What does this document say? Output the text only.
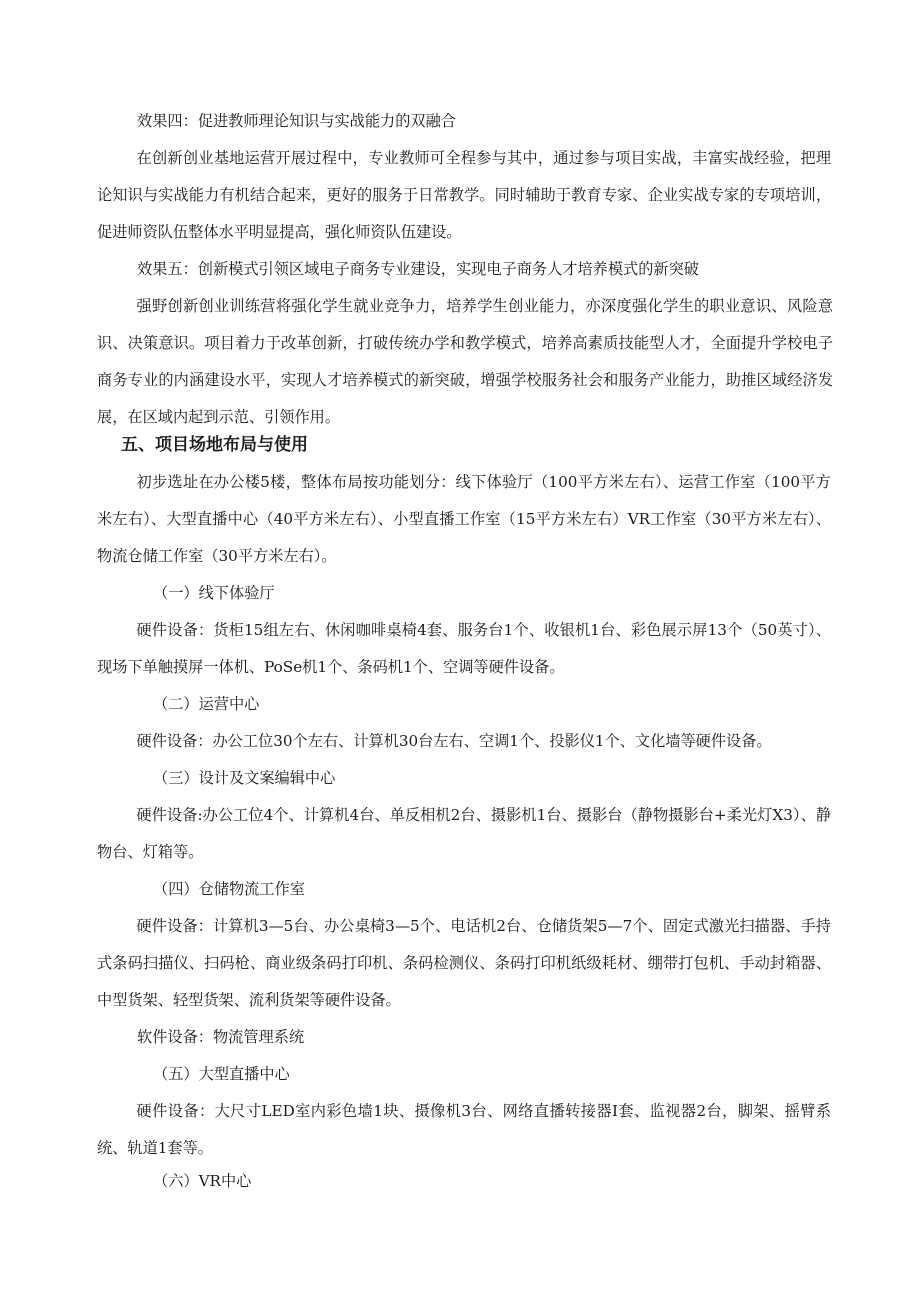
效果四：促进教师理论知识与实战能力的双融合

在创新创业基地运营开展过程中，专业教师可全程参与其中，通过参与项目实战，丰富实战经验，把理论知识与实战能力有机结合起来，更好的服务于日常教学。同时辅助于教育专家、企业实战专家的专项培训，促进师资队伍整体水平明显提高，强化师资队伍建设。

效果五：创新模式引领区域电子商务专业建设，实现电子商务人才培养模式的新突破

强野创新创业训练营将强化学生就业竞争力，培养学生创业能力，亦深度强化学生的职业意识、风险意识、决策意识。项目着力于改革创新，打破传统办学和教学模式，培养高素质技能型人才，全面提升学校电子商务专业的内涵建设水平，实现人才培养模式的新突破，增强学校服务社会和服务产业能力，助推区域经济发展，在区域内起到示范、引领作用。

五、项目场地布局与使用

初步选址在办公楼5楼，整体布局按功能划分：线下体验厅（100平方米左右）、运营工作室（100平方米左右）、大型直播中心（40平方米左右）、小型直播工作室（15平方米左右）VR工作室（30平方米左右）、物流仓储工作室（30平方米左右）。

（一）线下体验厅

硬件设备：货柜15组左右、休闲咖啡桌椅4套、服务台1个、收银机1台、彩色展示屏13个（50英寸）、现场下单触摸屏一体机、PoSe机1个、条码机1个、空调等硬件设备。

（二）运营中心

硬件设备：办公工位30个左右、计算机30台左右、空调1个、投影仪1个、文化墙等硬件设备。

（三）设计及文案编辑中心

硬件设备:办公工位4个、计算机4台、单反相机2台、摄影机1台、摄影台（静物摄影台+柔光灯X3）、静物台、灯箱等。

（四）仓储物流工作室

硬件设备：计算机3—5台、办公桌椅3—5个、电话机2台、仓储货架5—7个、固定式激光扫描器、手持式条码扫描仪、扫码枪、商业级条码打印机、条码检测仪、条码打印机纸级耗材、绷带打包机、手动封箱器、中型货架、轻型货架、流利货架等硬件设备。

软件设备：物流管理系统

（五）大型直播中心

硬件设备：大尺寸LED室内彩色墙1块、摄像机3台、网络直播转接器I套、监视器2台，脚架、摇臂系统、轨道1套等。

（六）VR中心
